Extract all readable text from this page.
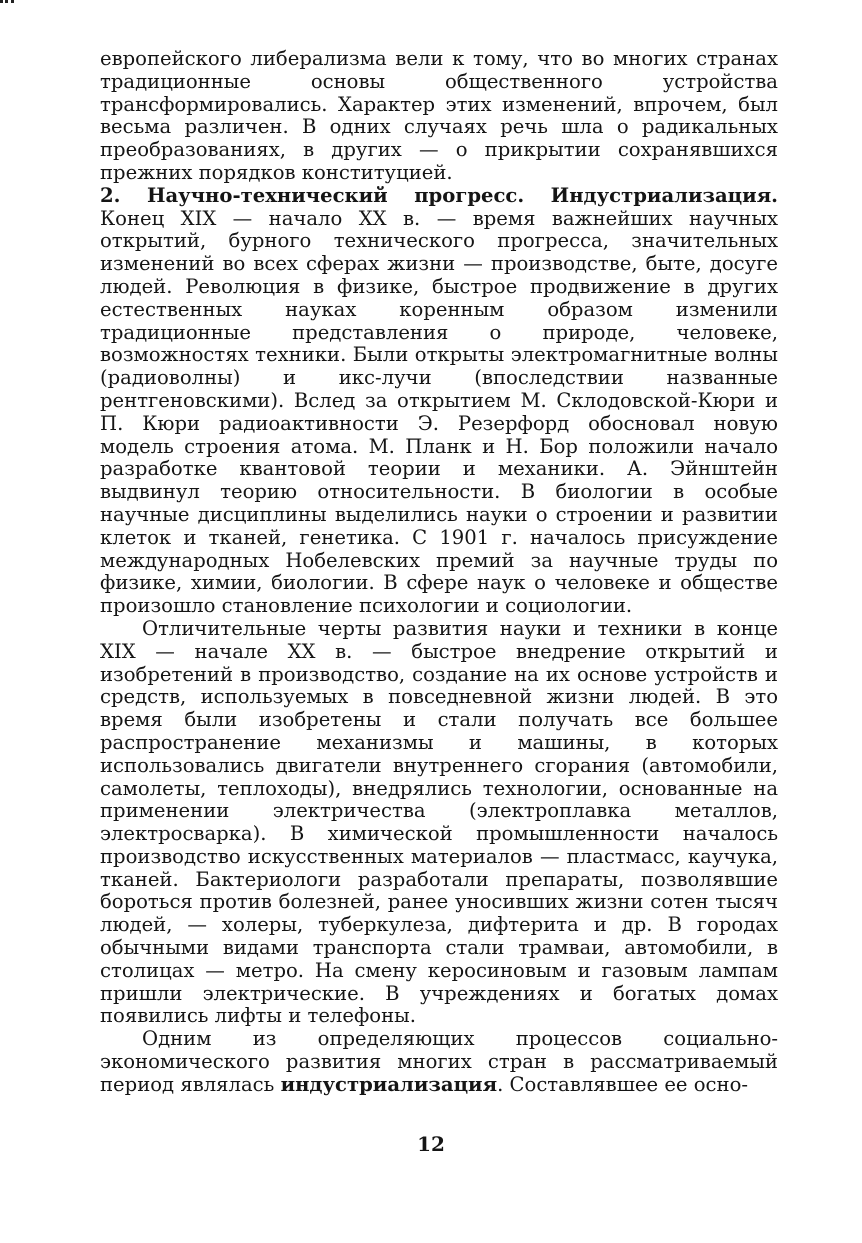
европейского либерализма вели к тому, что во многих странах традиционные основы общественного устройства трансформировались. Характер этих изменений, впрочем, был весьма различен. В одних случаях речь шла о радикальных преобразованиях, в других — о прикрытии сохранявшихся прежних порядков конституцией.

2. Научно-технический прогресс. Индустриализация. Конец XIX — начало XX в. — время важнейших научных открытий, бурного технического прогресса, значительных изменений во всех сферах жизни — производстве, быте, досуге людей. Революция в физике, быстрое продвижение в других естественных науках коренным образом изменили традиционные представления о природе, человеке, возможностях техники. Были открыты электромагнитные волны (радиоволны) и икс-лучи (впоследствии названные рентгеновскими). Вслед за открытием М. Склодовской-Кюри и П. Кюри радиоактивности Э. Резерфорд обосновал новую модель строения атома. М. Планк и Н. Бор положили начало разработке квантовой теории и механики. А. Эйнштейн выдвинул теорию относительности. В биологии в особые научные дисциплины выделились науки о строении и развитии клеток и тканей, генетика. С 1901 г. началось присуждение международных Нобелевских премий за научные труды по физике, химии, биологии. В сфере наук о человеке и обществе произошло становление психологии и социологии.

Отличительные черты развития науки и техники в конце XIX — начале XX в. — быстрое внедрение открытий и изобретений в производство, создание на их основе устройств и средств, используемых в повседневной жизни людей. В это время были изобретены и стали получать все большее распространение механизмы и машины, в которых использовались двигатели внутреннего сгорания (автомобили, самолеты, теплоходы), внедрялись технологии, основанные на применении электричества (электроплавка металлов, электросварка). В химической промышленности началось производство искусственных материалов — пластмасс, каучука, тканей. Бактериологи разработали препараты, позволявшие бороться против болезней, ранее уносивших жизни сотен тысяч людей, — холеры, туберкулеза, дифтерита и др. В городах обычными видами транспорта стали трамваи, автомобили, в столицах — метро. На смену керосиновым и газовым лампам пришли электрические. В учреждениях и богатых домах появились лифты и телефоны.

Одним из определяющих процессов социально-экономического развития многих стран в рассматриваемый период являлась индустриализация. Составлявшее ее осно-

12
